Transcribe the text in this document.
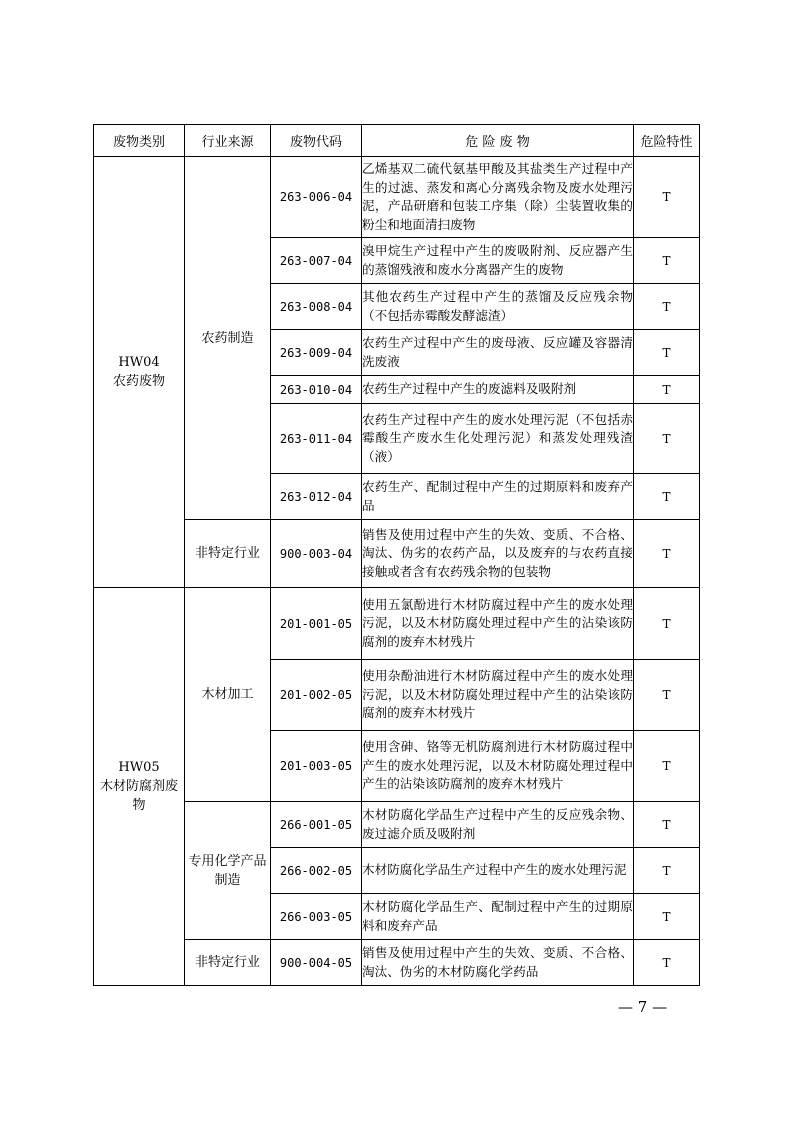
废物类别	行业来源	废物代码	危 险 废 物	危险特性

HW04
农药废物	农药制造	263-006-04	乙烯基双二硫代氨基甲酸及其盐类生产过程中产生的过滤、蒸发和离心分离残余物及废水处理污泥，产品研磨和包装工序集（除）尘装置收集的粉尘和地面清扫废物	T
		263-007-04	溴甲烷生产过程中产生的废吸附剂、反应器产生的蒸馏残液和废水分离器产生的废物	T
		263-008-04	其他农药生产过程中产生的蒸馏及反应残余物（不包括赤霉酸发酵滤渣）	T
		263-009-04	农药生产过程中产生的废母液、反应罐及容器清洗废液	T
		263-010-04	农药生产过程中产生的废滤料及吸附剂	T
		263-011-04	农药生产过程中产生的废水处理污泥（不包括赤霉酸生产废水生化处理污泥）和蒸发处理残渣（液）	T
		263-012-04	农药生产、配制过程中产生的过期原料和废弃产品	T
	非特定行业	900-003-04	销售及使用过程中产生的失效、变质、不合格、淘汰、伪劣的农药产品，以及废弃的与农药直接接触或者含有农药残余物的包装物	T

HW05
木材防腐剂废物	木材加工	201-001-05	使用五氯酚进行木材防腐过程中产生的废水处理污泥，以及木材防腐处理过程中产生的沾染该防腐剂的废弃木材残片	T
		201-002-05	使用杂酚油进行木材防腐过程中产生的废水处理污泥，以及木材防腐处理过程中产生的沾染该防腐剂的废弃木材残片	T
		201-003-05	使用含砷、铬等无机防腐剂进行木材防腐过程中产生的废水处理污泥，以及木材防腐处理过程中产生的沾染该防腐剂的废弃木材残片	T
	专用化学产品制造	266-001-05	木材防腐化学品生产过程中产生的反应残余物、废过滤介质及吸附剂	T
		266-002-05	木材防腐化学品生产过程中产生的废水处理污泥	T
		266-003-05	木材防腐化学品生产、配制过程中产生的过期原料和废弃产品	T
	非特定行业	900-004-05	销售及使用过程中产生的失效、变质、不合格、淘汰、伪劣的木材防腐化学药品	T
— 7 —
